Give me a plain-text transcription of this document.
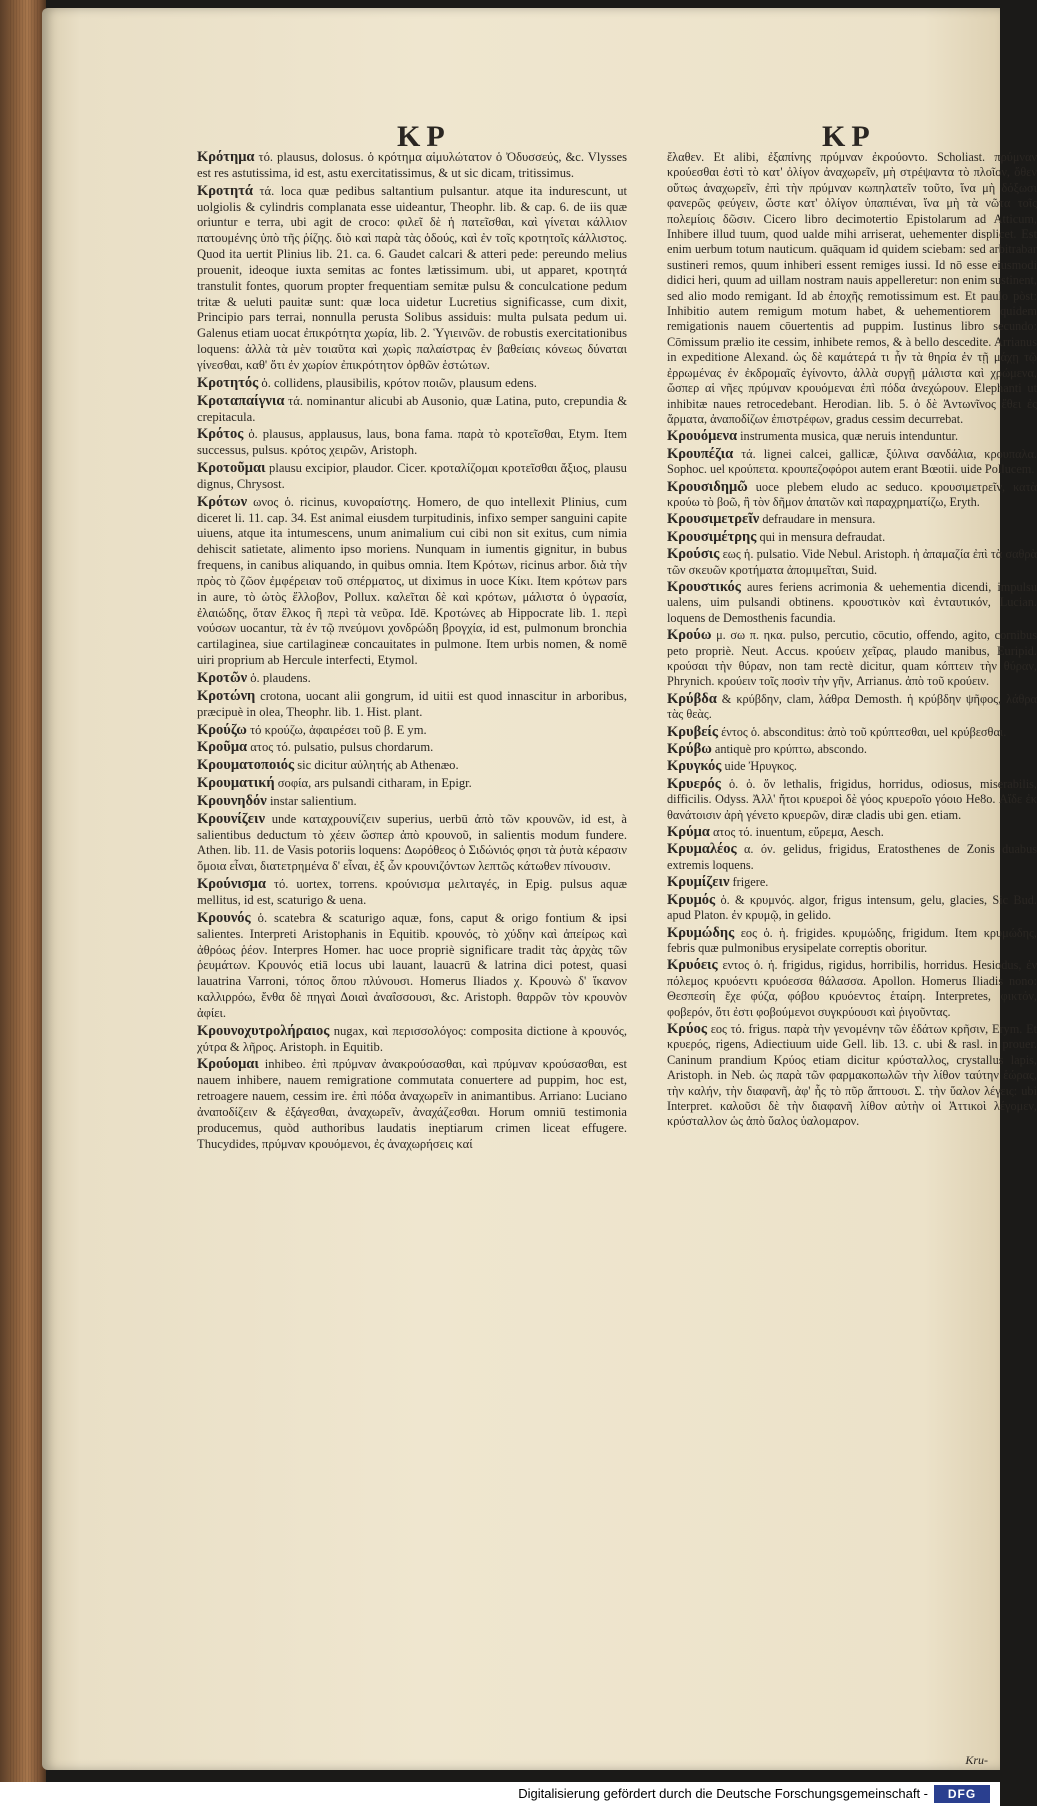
ΚΡ	ΚΡ

Κρότημα τό. plausus, dolosus. ὁ κρότημα αἱμυλώτατον ὁ Ὀδυσσεύς, &c. Vlysses est res astutissima, id est, astu exercitatissimus, & ut sic dicam, tritissimus.

Κροτητά τά. loca quæ pedibus saltantium pulsantur. atque ita indurescunt, ut uolgiolis & cylindris complanata esse uideantur, Theophr. lib. & cap. 6. de iis quæ oriuntur e terra, ubi agit de croco: φιλεῖ δὲ ἡ πατεῖσθαι, καὶ γίνεται κάλλιον πατουμένης ὑπὸ τῆς ῥίζης. διὸ καὶ παρὰ τὰς ὁδούς, καὶ ἐν τοῖς κροτητοῖς κάλλιστος. Quod ita uertit Plinius lib. 21. ca. 6. Gaudet calcari & atteri pede: pereundo melius prouenit, ideoque iuxta semitas ac fontes lætissimum. ubi, ut apparet, κροτητά transtulit fontes, quorum propter frequentiam semitæ pulsu & conculcatione pedum tritæ & ueluti pauitæ sunt: quæ loca uidetur Lucretius significasse, cum dixit, Principio pars terrai, nonnulla perusta Solibus assiduis: multa pulsata pedum ui. Galenus etiam uocat ἐπικρότητα χωρία, lib. 2. Ὑγιεινῶν. de robustis exercitationibus loquens: ἀλλὰ τὰ μὲν τοιαῦτα καὶ χωρὶς παλαίστρας ἐν βαθείαις κόνεως δύναται γίνεσθαι, καθ' ὅτι ἐν χωρίον ἐπικρότητον ὀρθῶν ἑστώτων.

Κροτητός ὁ. collidens, plausibilis, κρότον ποιῶν, plausum edens.

Κροταπαίγνια τά. nominantur alicubi ab Ausonio, quæ Latina, puto, crepundia & crepitacula.

Κρότος ὁ. plausus, applausus, laus, bona fama. παρὰ τὸ κροτεῖσθαι, Etym. Item successus, pulsus. κρότος χειρῶν, Aristoph.

Κροτοῦμαι plausu excipior, plaudor. Cicer. κροταλίζομαι κροτεῖσθαι ἄξιος, plausu dignus, Chrysost.

Κρότων ωνος ὁ. ricinus, κυνοραίστης. Homero, de quo intellexit Plinius, cum diceret li. 11. cap. 34. Est animal eiusdem turpitudinis, infixo semper sanguini capite uiuens, atque ita intumescens, unum animalium cui cibi non sit exitus, cum nimia dehiscit satietate, alimento ipso moriens. Nunquam in iumentis gignitur, in bubus frequens, in canibus aliquando, in quibus omnia. Item Κρότων, ricinus arbor. διὰ τὴν πρὸς τὸ ζῶον ἐμφέρειαν τοῦ σπέρματος, ut diximus in uoce Κίκι. Item κρότων pars in aure, τὸ ὠτὸς ἔλλοβον, Pollux. καλεῖται δὲ καὶ κρότων, μάλιστα ὁ ὑγρασία, ἐλαιώδης, ὅταν ἕλκος ἢ περὶ τὰ νεῦρα. Idē. Κροτώνες ab Hippocrate lib. 1. περὶ νούσων uocantur, τὰ ἐν τῷ πνεύμονι χονδρώδη βρογχία, id est, pulmonum bronchia cartilaginea, siue cartilagineæ concauitates in pulmone. Item urbis nomen, & nomē uiri proprium ab Hercule interfecti, Etymol.

Κροτῶν ὁ. plaudens.

Κροτώνη crotona, uocant alii gongrum, id uitii est quod innascitur in arboribus, præcipuè in olea, Theophr. lib. 1. Hist. plant.

Κρούζω τό κρούζω, ἀφαιρέσει τοῦ β. E ym.

Κροῦμα ατος τό. pulsatio, pulsus chordarum.

Κρουματοποιός sic dicitur αὐλητής ab Athenæo.

Κρουματική σοφία, ars pulsandi citharam, in Epigr.

Κρουνηδόν instar salientium.

Κρουνίζειν unde καταχρουνίζειν superius, uerbū ἀπὸ τῶν κρουνῶν, id est, à salientibus deductum τὸ χέειν ὥσπερ ἀπὸ κρουνοῦ, in salientis modum fundere. Athen. lib. 11. de Vasis potoriis loquens: Δωρόθεος ὁ Σιδώνιός φησι τὰ ῥυτὰ κέρασιν ὅμοια εἶναι, διατετρημένα δ' εἶναι, ἐξ ὧν κρουνιζόντων λεπτῶς κάτωθεν πίνουσιν.

Κρούνισμα τό. uortex, torrens. κρούνισμα μελιταγές, in Epig. pulsus aquæ mellitus, id est, scaturigo & uena.

Κρουνός ὁ. scatebra & scaturigo aquæ, fons, caput & origo fontium & ipsi salientes. Interpreti Aristophanis in Equitib. κρουνός, τὸ χύδην καὶ ἀπείρως καὶ ἀθρόως ῥέον. Interpres Homer. hac uoce propriè significare tradit τὰς ἀρχὰς τῶν ῥευμάτων. Κρουνός etiā locus ubi lauant, lauacrū & latrina dici potest, quasi lauatrina Varroni, τόπος ὅπου πλύνουσι. Homerus Iliados χ. Κρουνὼ δ' ἵκανον καλλιρρόω, ἔνθα δὲ πηγαὶ Δοιαὶ ἀναΐσσουσι, &c. Aristoph. θαρρῶν τὸν κρουνὸν ἀφίει.

Κρουνοχυτρολήραιος nugax, καὶ περισσολόγος: composita dictione à κρουνός, χύτρα & λῆρος. Aristoph. in Equitib.

Κρούομαι inhibeo. ἐπὶ πρύμναν ἀνακρούσασθαι, καὶ πρύμναν κρούσασθαι, est nauem inhibere, nauem remigratione commutata conuertere ad puppim, hoc est, retroagere nauem, cessim ire. ἐπὶ πόδα ἀναχωρεῖν in animantibus. Arriano: Luciano ἀναποδίζειν & ἐξάγεσθαι, ἀναχωρεῖν, ἀναχάζεσθαι. Horum omniū testimonia producemus, quòd authoribus laudatis ineptiarum crimen liceat effugere. Thucydides, πρύμναν κρουόμενοι, ἐς ἀναχωρήσεις καί

ἔλαθεν. Et alibi, ἐξαπίνης πρύμναν ἐκρούοντο. Scholiast. πρύμναν κρούεσθαι ἐστὶ τὸ κατ' ὀλίγον ἀναχωρεῖν, μὴ στρέψαντα τὸ πλοῖον, ὅθεν οὕτως ἀναχωρεῖν, ἐπὶ τὴν πρύμναν κωπηλατεῖν τοῦτο, ἵνα μὴ δόξωσι φανερῶς φεύγειν, ὥστε κατ' ὀλίγον ὑπαπιέναι, ἵνα μὴ τὰ νῶτα τοῖς πολεμίοις δῶσιν. Cicero libro decimotertio Epistolarum ad Atticum, Inhibere illud tuum, quod ualde mihi arriserat, uehementer displicet. Est enim uerbum totum nauticum. quāquam id quidem sciebam: sed arbitrabar sustineri remos, quum inhiberi essent remiges iussi. Id nō esse eiusmodi didici heri, quum ad uillam nostram nauis appelleretur: non enim sustinent, sed alio modo remigant. Id ab ἐποχῆς remotissimum est. Et paulo pòst: Inhibitio autem remigum motum habet, & uehementiorem quidem remigationis nauem cōuertentis ad puppim. Iustinus libro secundo: Cōmissum prælio ite cessim, inhibete remos, & à bello descedite. Arrianus in expeditione Alexand. ὡς δὲ καμάτερά τι ἦν τὰ θηρία ἐν τῇ μάχῃ τῷ ἐρρωμένας ἐν ἐκδρομαῖς ἐγίνοντο, ἀλλὰ συργῇ μάλιστα καὶ χρώμενα, ὥσπερ αἱ νῆες πρύμναν κρουόμεναι ἐπὶ πόδα ἀνεχώρουν. Elephanti ut inhibitæ naues retrocedebant. Herodian. lib. 5. ὁ δὲ Ἀντωνῖνος ἔθει ἐς ἅρματα, ἀναποδίζων ἐπιστρέφων, gradus cessim decurrebat.

Κρουόμενα instrumenta musica, quæ neruis intenduntur.

Κρουπέζια τά. lignei calcei, gallicæ, ξύλινα σανδάλια, κρουπαλα. Sophoc. uel κρούπετα. κρουπεζοφόροι autem erant Bœotii. uide Pollucem.

Κρουσιδημῶ uoce plebem eludo ac seduco. κρουσιμετρεῖν, κατὰ κρούω τὸ βοῶ, ἢ τὸν δῆμον ἀπατῶν καὶ παραχρηματίζω, Eryth.

Κρουσιμετρεῖν defraudare in mensura.

Κρουσιμέτρης qui in mensura defraudat.

Κρούσις εως ἡ. pulsatio. Vide Nebul. Aristoph. ἡ ἀπαμαζία ἐπὶ τὰ σαθρὰ τῶν σκευῶν κροτήματα ἀπομιμεῖται, Suid.

Κρουστικός aures feriens acrimonia & uehementia dicendi, impulsu ualens, uim pulsandi obtinens. κρουστικὸν καὶ ἐνταυτικόν, Lucian. loquens de Demosthenis facundia.

Κρούω μ. σω π. ηκα. pulso, percutio, cōcutio, offendo, agito, cornibus peto propriè. Neut. Accus. κρούειν χεῖρας, plaudo manibus, Euripid. κρούσαι τὴν θύραν, non tam rectè dicitur, quam κόπτειν τὴν θύραν, Phrynich. κρούειν τοῖς ποσὶν τὴν γῆν, Arrianus. ἀπὸ τοῦ κρούειν.

Κρύβδα & κρύβδην, clam, λάθρα Demosth. ἡ κρύβδην ψῆφος, λάθρα τὰς θεὰς.

Κρυβείς έντος ὁ. absconditus: ἀπὸ τοῦ κρύπτεσθαι, uel κρύβεσθαι.

Κρύβω antiquè pro κρύπτω, abscondo.

Κρυγκός uide Ἠρυγκος.

Κρυερός ὁ. ὁ. ὅν lethalis, frigidus, horridus, odiosus, miserabilis, difficilis. Odyss. Ἀλλ' ἤτοι κρυεροὶ δὲ γόος κρυεροῖο γόοιο He8o. Αἵδε ἐκ θανάτοισιν ἀρὴ γένετο κρυερῶν, diræ cladis ubi gen. etiam.

Κρύμα ατος τό. inuentum, εὕρεμα, Aesch.

Κρυμαλέος α. όν. gelidus, frigidus, Eratosthenes de Zonis duabus extremis loquens.

Κρυμίζειν frigere.

Κρυμός ὁ. & κρυμνός. algor, frigus intensum, gelu, glacies, Sic Bud. apud Platon. ἐν κρυμῷ, in gelido.

Κρυμώδης εος ὁ. ἡ. frigides. κρυμώδης, frigidum. Item κρυμώδης, febris quæ pulmonibus erysipelate correptis oboritur.

Κρυόεις εντος ὁ. ἡ. frigidus, rigidus, horribilis, horridus. Hesiodus, ἐν πόλεμος κρυόεντι κρυόεσσα θάλασσα. Apollon. Homerus Iliadis nono: Θεσπεσίη ἔχε φύζα, φόβου κρυόεντος ἑταίρη. Interpretes, φικτόν, φοβερόν, ὅτι ἐστι φοβούμενοι συγκρύουσι καὶ ῥιγοῦντας.

Κρύος εος τό. frigus. παρὰ τὴν γενομένην τῶν ἐδάτων κρῆσιν, Erym. Et κρυερός, rigens, Adiectiuum uide Gell. lib. 13. c. ubi & rasl. in prouer. Caninum prandium Κρύος etiam dicitur κρύσταλλος, crystallus lapis, Aristoph. in Neb. ὡς παρὰ τῶν φαρμακοπωλῶν τὴν λίθον ταύτην ἑώρας, τὴν καλήν, τὴν διαφανῆ, ἀφ' ἧς τὸ πῦρ ἅπτουσι. Σ. τὴν ὕαλον λέγεις: ubi Interpret. καλοῦσι δὲ τὴν διαφανῆ λίθον αὐτὴν οἱ Ἀττικοὶ λέγομεν, κρύσταλλον ὡς ἀπὸ ὕαλος ὑαλομαρον.

Kru-
Digitalisierung gefördert durch die Deutsche Forschungsgemeinschaft -	DFG
